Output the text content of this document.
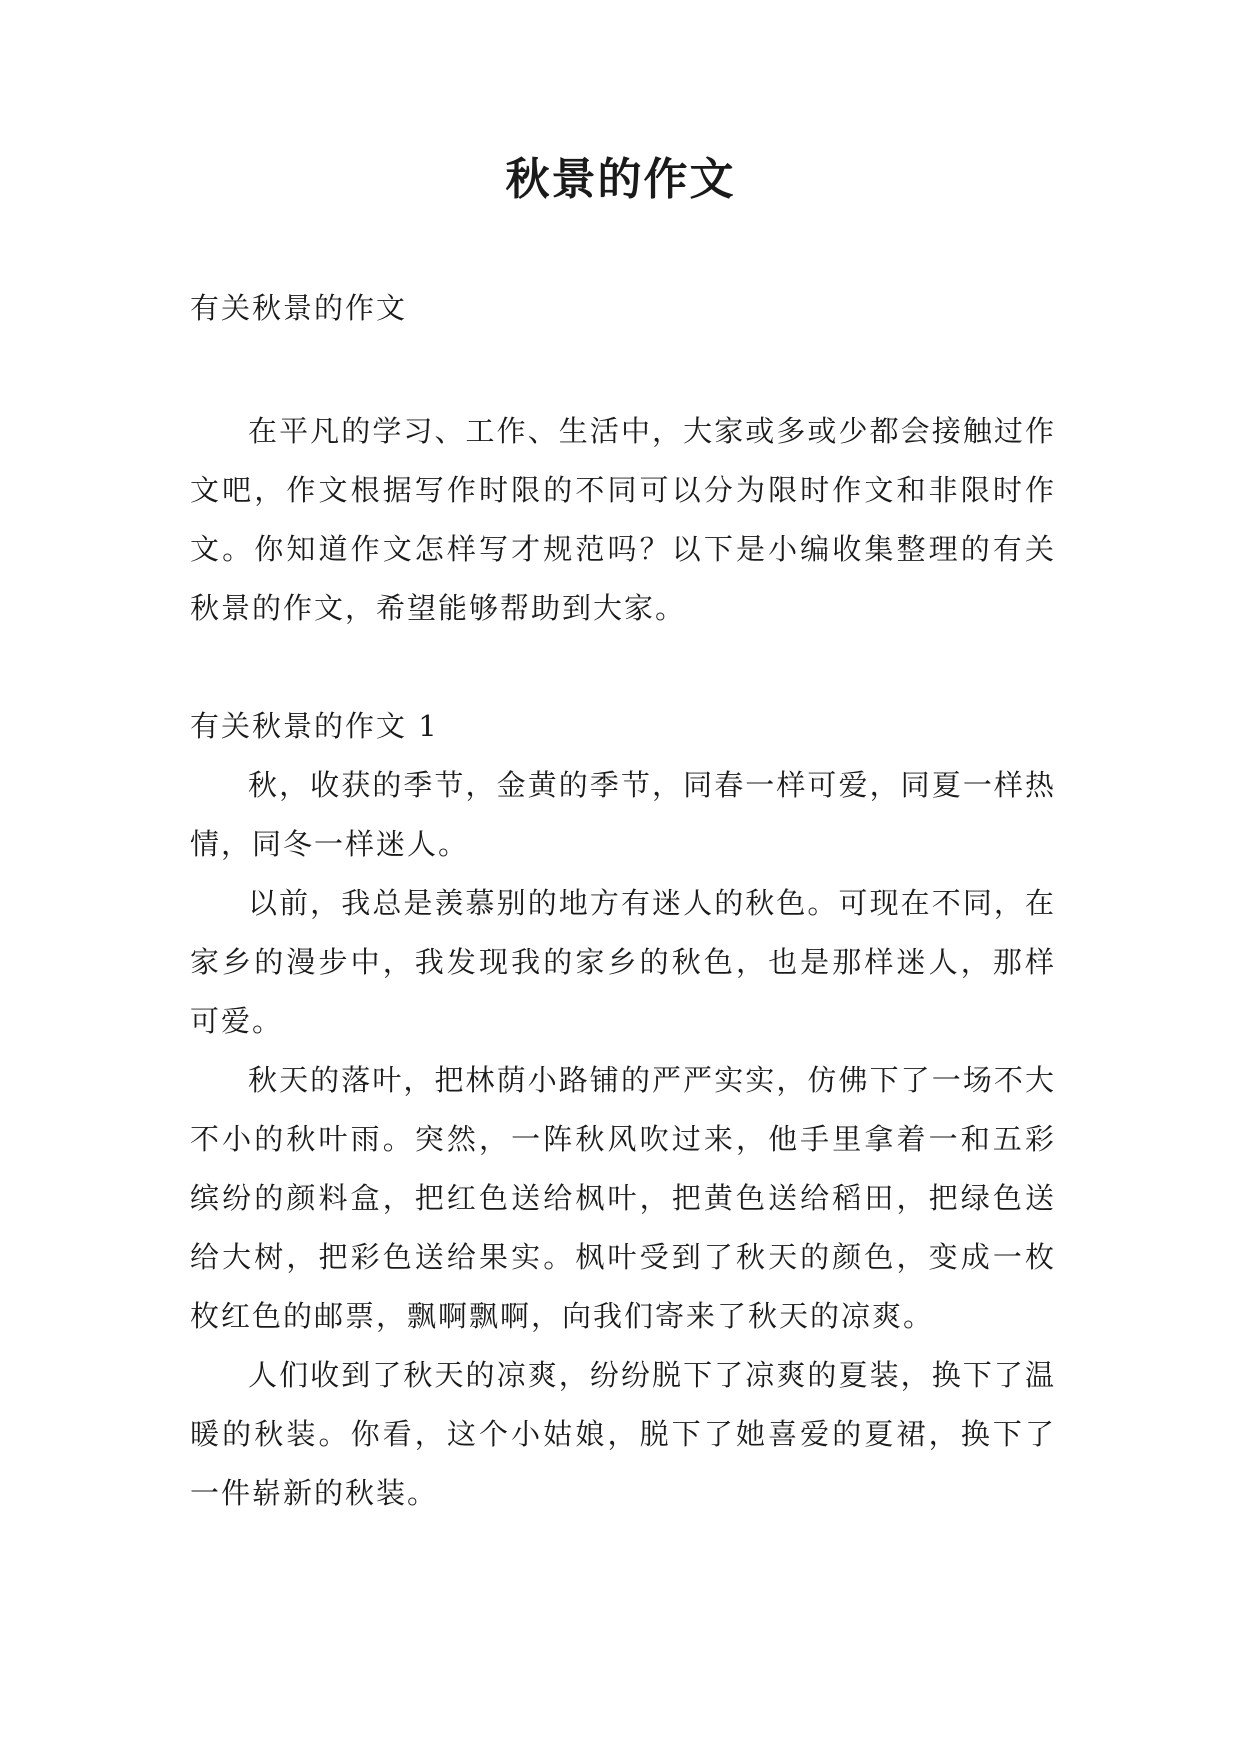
秋景的作文
有关秋景的作文

在平凡的学习、工作、生活中，大家或多或少都会接触过作文吧，作文根据写作时限的不同可以分为限时作文和非限时作文。你知道作文怎样写才规范吗？以下是小编收集整理的有关秋景的作文，希望能够帮助到大家。

有关秋景的作文 1

秋，收获的季节，金黄的季节，同春一样可爱，同夏一样热情，同冬一样迷人。

以前，我总是羡慕别的地方有迷人的秋色。可现在不同，在家乡的漫步中，我发现我的家乡的秋色，也是那样迷人，那样可爱。

秋天的落叶，把林荫小路铺的严严实实，仿佛下了一场不大不小的秋叶雨。突然，一阵秋风吹过来，他手里拿着一和五彩缤纷的颜料盒，把红色送给枫叶，把黄色送给稻田，把绿色送给大树，把彩色送给果实。枫叶受到了秋天的颜色，变成一枚枚红色的邮票，飘啊飘啊，向我们寄来了秋天的凉爽。

人们收到了秋天的凉爽，纷纷脱下了凉爽的夏装，换下了温暖的秋装。你看，这个小姑娘，脱下了她喜爱的夏裙，换下了一件崭新的秋装。
